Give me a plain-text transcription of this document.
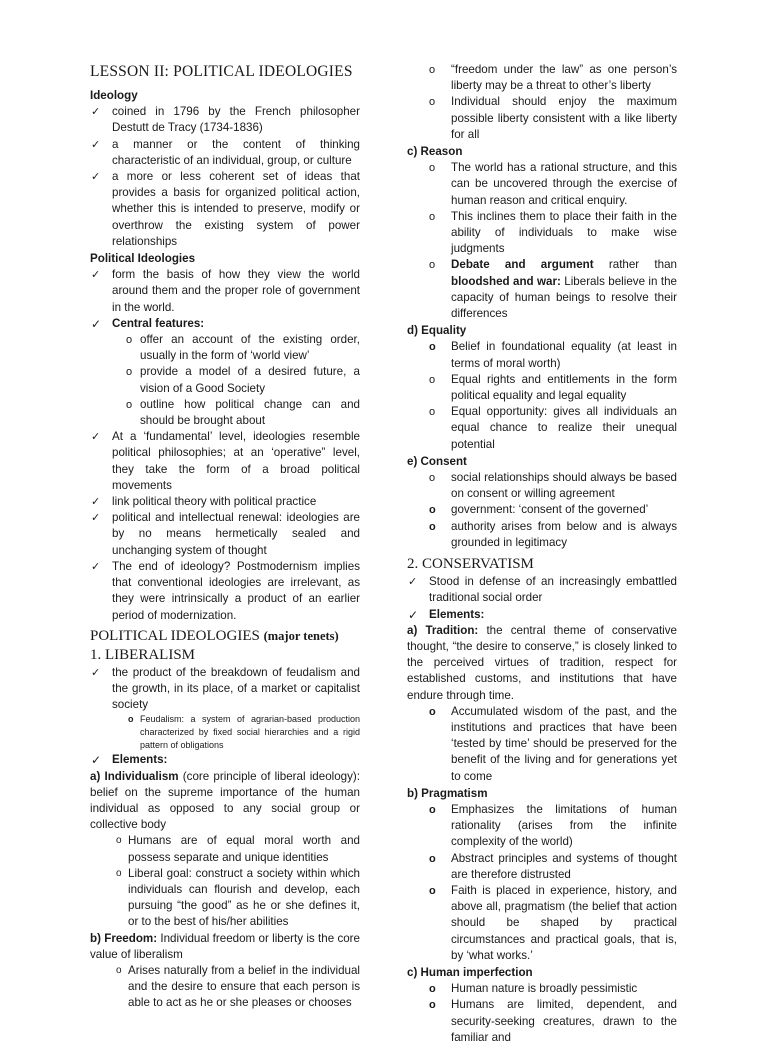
LESSON II: POLITICAL IDEOLOGIES
Ideology
✓ coined in 1796 by the French philosopher Destutt de Tracy (1734-1836)
✓ a manner or the content of thinking characteristic of an individual, group, or culture
✓ a more or less coherent set of ideas that provides a basis for organized political action, whether this is intended to preserve, modify or overthrow the existing system of power relationships
Political Ideologies
✓ form the basis of how they view the world around them and the proper role of government in the world.
✓ Central features:
o offer an account of the existing order, usually in the form of ‘world view’
o provide a model of a desired future, a vision of a Good Society
o outline how political change can and should be brought about
✓ At a ‘fundamental’ level, ideologies resemble political philosophies; at an ‘operative” level, they take the form of a broad political movements
✓ link political theory with political practice
✓ political and intellectual renewal: ideologies are by no means hermetically sealed and unchanging system of thought
✓ The end of ideology? Postmodernism implies that conventional ideologies are irrelevant, as they were intrinsically a product of an earlier period of modernization.
POLITICAL IDEOLOGIES (major tenets)
1. LIBERALISM
✓ the product of the breakdown of feudalism and the growth, in its place, of a market or capitalist society
o Feudalism: a system of agrarian-based production characterized by fixed social hierarchies and a rigid pattern of obligations
✓ Elements:

a) Individualism (core principle of liberal ideology): belief on the supreme importance of the human individual as opposed to any social group or collective body

o Humans are of equal moral worth and possess separate and unique identities
o Liberal goal: construct a society within which individuals can flourish and develop, each pursuing “the good” as he or she defines it, or to the best of his/her abilities

b) Freedom: Individual freedom or liberty is the core value of liberalism

o Arises naturally from a belief in the individual and the desire to ensure that each person is able to act as he or she pleases or chooses
o “freedom under the law” as one person’s liberty may be a threat to other’s liberty
o Individual should enjoy the maximum possible liberty consistent with a like liberty for all
c) Reason
o The world has a rational structure, and this can be uncovered through the exercise of human reason and critical enquiry.
o This inclines them to place their faith in the ability of individuals to make wise judgments
o Debate and argument rather than bloodshed and war: Liberals believe in the capacity of human beings to resolve their differences
d) Equality
o Belief in foundational equality (at least in terms of moral worth)
o Equal rights and entitlements in the form political equality and legal equality
o Equal opportunity: gives all individuals an equal chance to realize their unequal potential
e) Consent
o social relationships should always be based on consent or willing agreement
o government: ‘consent of the governed’
o authority arises from below and is always grounded in legitimacy
2. CONSERVATISM
✓ Stood in defense of an increasingly embattled traditional social order
✓ Elements:

a) Tradition: the central theme of conservative thought, “the desire to conserve,” is closely linked to the perceived virtues of tradition, respect for established customs, and institutions that have endure through time.

o Accumulated wisdom of the past, and the institutions and practices that have been ‘tested by time’ should be preserved for the benefit of the living and for generations yet to come
b) Pragmatism
o Emphasizes the limitations of human rationality (arises from the infinite complexity of the world)
o Abstract principles and systems of thought are therefore distrusted
o Faith is placed in experience, history, and above all, pragmatism (the belief that action should be shaped by practical circumstances and practical goals, that is, by ‘what works.’
c) Human imperfection
o Human nature is broadly pessimistic
o Humans are limited, dependent, and security-seeking creatures, drawn to the familiar and
